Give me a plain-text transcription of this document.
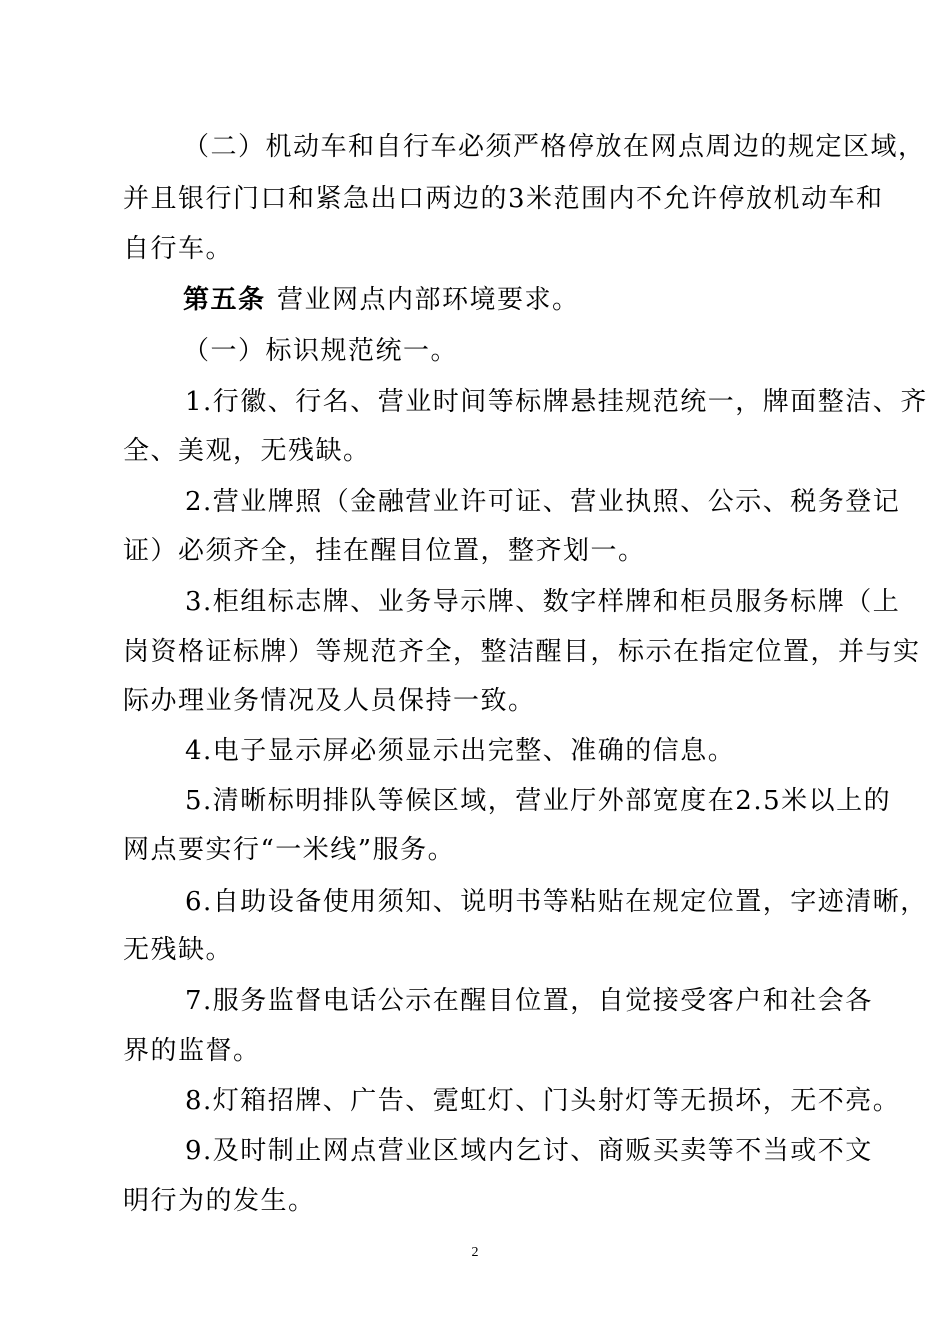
（二）机动车和自行车必须严格停放在网点周边的规定区域，
并且银行门口和紧急出口两边的3米范围内不允许停放机动车和
自行车。
第五条 营业网点内部环境要求。
（一）标识规范统一。
1.行徽、行名、营业时间等标牌悬挂规范统一，牌面整洁、齐
全、美观，无残缺。
2.营业牌照（金融营业许可证、营业执照、公示、税务登记
证）必须齐全，挂在醒目位置，整齐划一。
3.柜组标志牌、业务导示牌、数字样牌和柜员服务标牌（上
岗资格证标牌）等规范齐全，整洁醒目，标示在指定位置，并与实
际办理业务情况及人员保持一致。
4.电子显示屏必须显示出完整、准确的信息。
5.清晰标明排队等候区域，营业厅外部宽度在2.5米以上的
网点要实行“一米线”服务。
6.自助设备使用须知、说明书等粘贴在规定位置，字迹清晰，
无残缺。
7.服务监督电话公示在醒目位置，自觉接受客户和社会各
界的监督。
8.灯箱招牌、广告、霓虹灯、门头射灯等无损坏，无不亮。
9.及时制止网点营业区域内乞讨、商贩买卖等不当或不文
明行为的发生。
2
